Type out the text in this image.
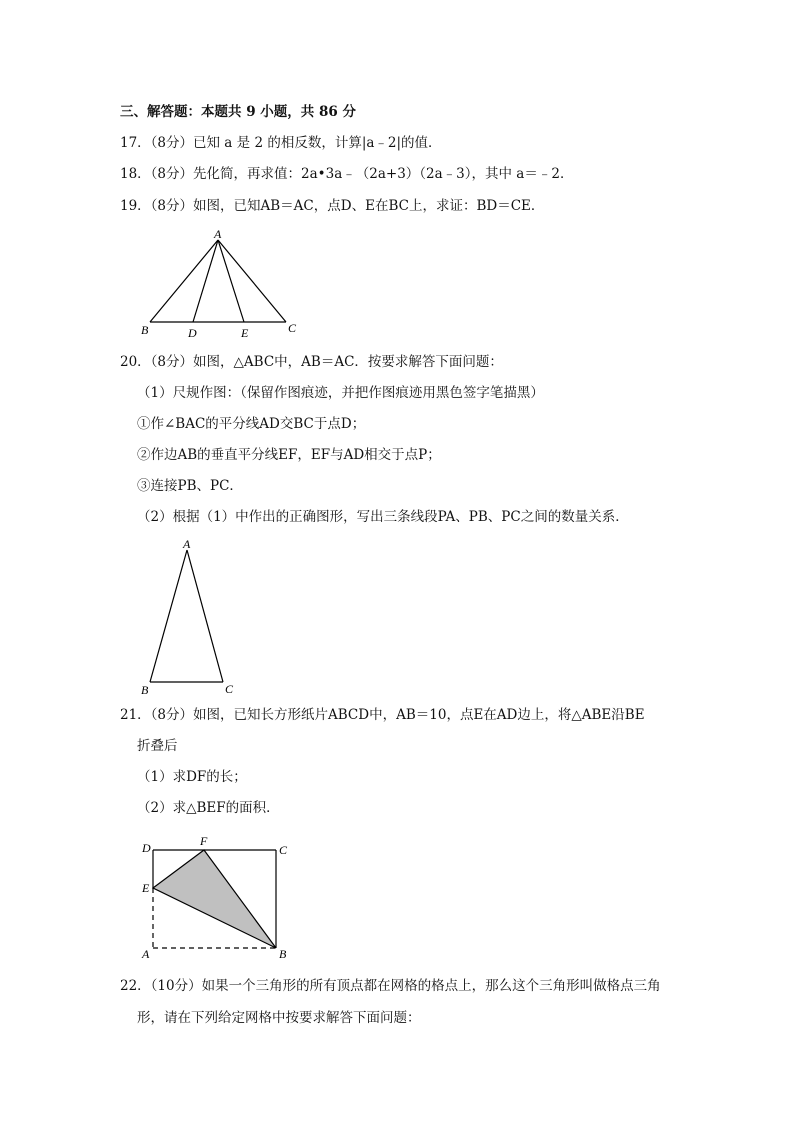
三、解答题：本题共 9 小题，共 86 分
17．（8分）已知 a 是 2 的相反数，计算|a﹣2|的值．
18．（8分）先化简，再求值：2a•3a﹣（2a+3）（2a﹣3），其中 a＝﹣2．
19．（8分）如图，已知AB＝AC，点D、E在BC上，求证：BD＝CE．
A
B	D	E	C
20．（8分）如图，△ABC中，AB＝AC．按要求解答下面问题：
（1）尺规作图：（保留作图痕迹，并把作图痕迹用黑色签字笔描黑）
①作∠BAC的平分线AD交BC于点D；
②作边AB的垂直平分线EF，EF与AD相交于点P；
③连接PB、PC．
（2）根据（1）中作出的正确图形，写出三条线段PA、PB、PC之间的数量关系．
A
B	C
21．（8分）如图，已知长方形纸片ABCD中，AB＝10，点E在AD边上，将△ABE沿BE
折叠后
（1）求DF的长；
（2）求△BEF的面积．
D	F
C
E
A	B
22．（10分）如果一个三角形的所有顶点都在网格的格点上，那么这个三角形叫做格点三角
形，请在下列给定网格中按要求解答下面问题：
